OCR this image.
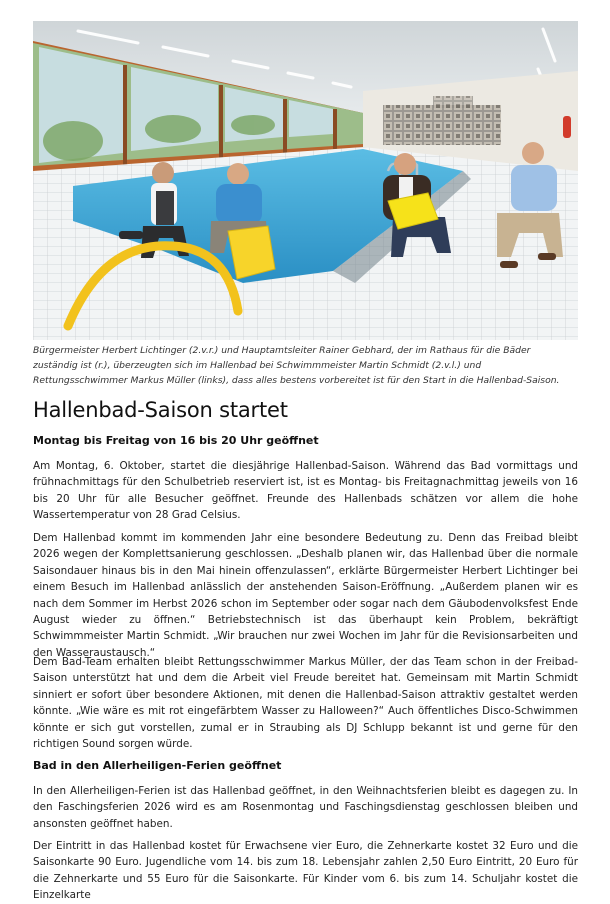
Bürgermeister Herbert Lichtinger (2.v.r.) und Hauptamtsleiter Rainer Gebhard, der im Rathaus für die Bäder zuständig ist (r.), überzeugten sich im Hallenbad bei Schwimmmeister Martin Schmidt (2.v.l.) und Rettungsschwimmer Markus Müller (links), dass alles bestens vorbereitet ist für den Start in die Hallenbad-Saison.
Hallenbad-Saison startet

Montag bis Freitag von 16 bis 20 Uhr geöffnet

Am Montag, 6. Oktober, startet die diesjährige Hallenbad-Saison. Während das Bad vormittags und frühnachmittags für den Schulbetrieb reserviert ist, ist es Montag- bis Freitagnachmittag jeweils von 16 bis 20 Uhr für alle Besucher geöffnet. Freunde des Hallenbads schätzen vor allem die hohe Wassertemperatur von 28 Grad Celsius.

Dem Hallenbad kommt im kommenden Jahr eine besondere Bedeutung zu. Denn das Freibad bleibt 2026 wegen der Komplettsanierung geschlossen. „Deshalb planen wir, das Hallenbad über die normale Saisondauer hinaus bis in den Mai hinein offenzulassen“, erklärte Bürgermeister Herbert Lichtinger bei einem Besuch im Hallenbad anlässlich der anstehenden Saison-Eröffnung. „Außerdem planen wir es nach dem Sommer im Herbst 2026 schon im September oder sogar nach dem Gäubodenvolksfest Ende August wieder zu öffnen.“ Betriebstechnisch ist das überhaupt kein Problem, bekräftigt Schwimmmeister Martin Schmidt. „Wir brauchen nur zwei Wochen im Jahr für die Revisionsarbeiten und den Wasseraustausch.“

Dem Bad-Team erhalten bleibt Rettungsschwimmer Markus Müller, der das Team schon in der Freibad-Saison unterstützt hat und dem die Arbeit viel Freude bereitet hat. Gemeinsam mit Martin Schmidt sinniert er sofort über besondere Aktionen, mit denen die Hallenbad-Saison attraktiv gestaltet werden könnte. „Wie wäre es mit rot eingefärbtem Wasser zu Halloween?“ Auch öffentliches Disco-Schwimmen könnte er sich gut vorstellen, zumal er in Straubing als DJ Schlupp bekannt ist und gerne für den richtigen Sound sorgen würde.

Bad in den Allerheiligen-Ferien geöffnet

In den Allerheiligen-Ferien ist das Hallenbad geöffnet, in den Weihnachtsferien bleibt es dagegen zu. In den Faschingsferien 2026 wird es am Rosenmontag und Faschingsdienstag geschlossen bleiben und ansonsten geöffnet haben.

Der Eintritt in das Hallenbad kostet für Erwachsene vier Euro, die Zehnerkarte kostet 32 Euro und die Saisonkarte 90 Euro. Jugendliche vom 14. bis zum 18. Lebensjahr zahlen 2,50 Euro Eintritt, 20 Euro für die Zehnerkarte und 55 Euro für die Saisonkarte. Für Kinder vom 6. bis zum 14. Schuljahr kostet die Einzelkarte
